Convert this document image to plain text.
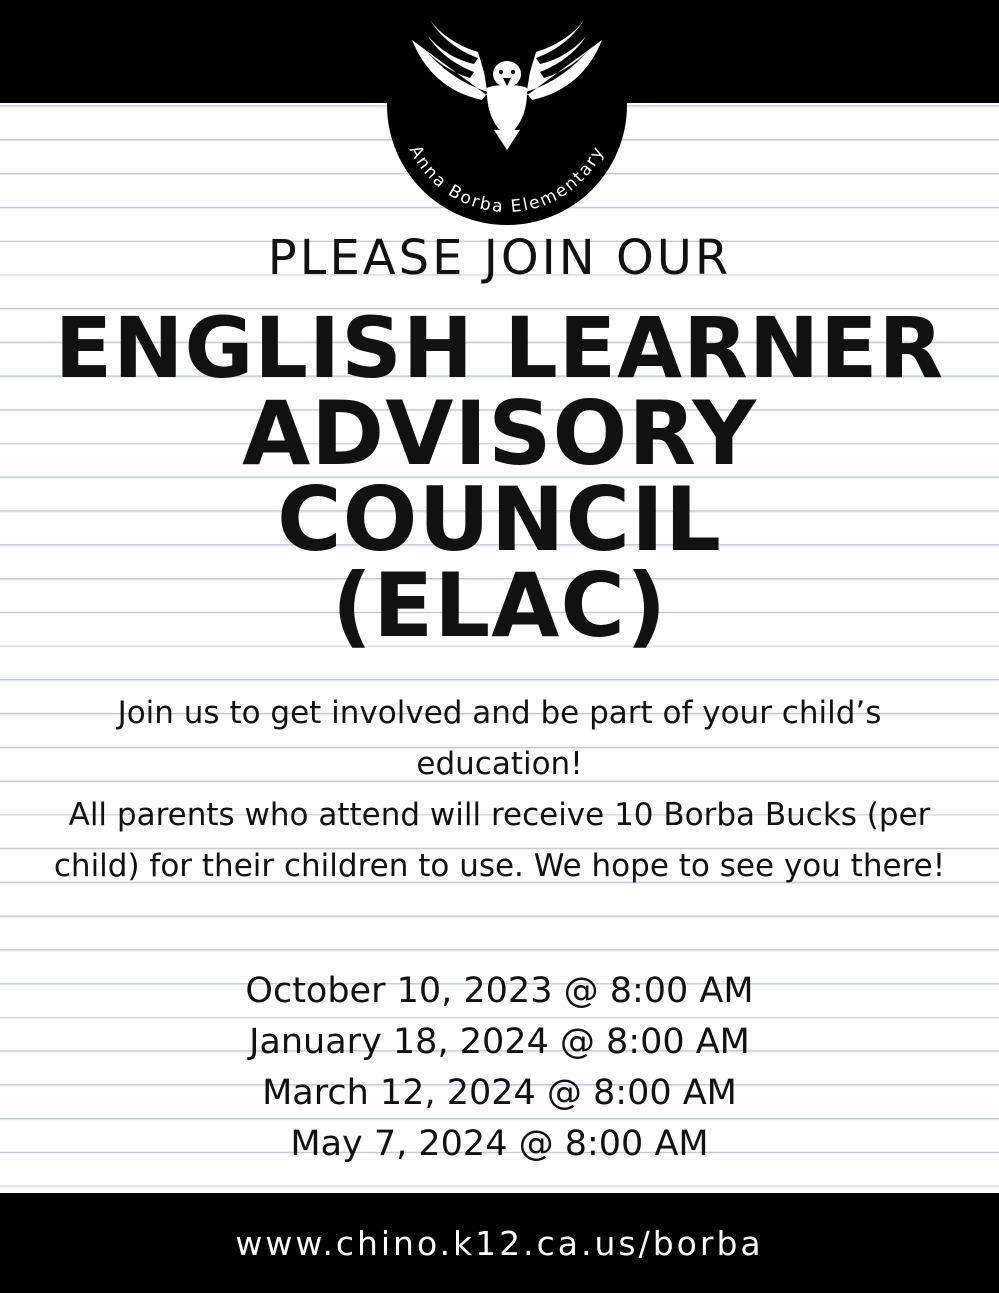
Anna Borba Elementary
PLEASE JOIN OUR
ENGLISH LEARNER
ADVISORY
COUNCIL
(ELAC)
Join us to get involved and be part of your child’s education!
All parents who attend will receive 10 Borba Bucks (per child) for their children to use. We hope to see you there!
October 10, 2023 @ 8:00 AM
January 18, 2024 @ 8:00 AM
March 12, 2024 @ 8:00 AM
May 7, 2024 @ 8:00 AM
www.chino.k12.ca.us/borba
